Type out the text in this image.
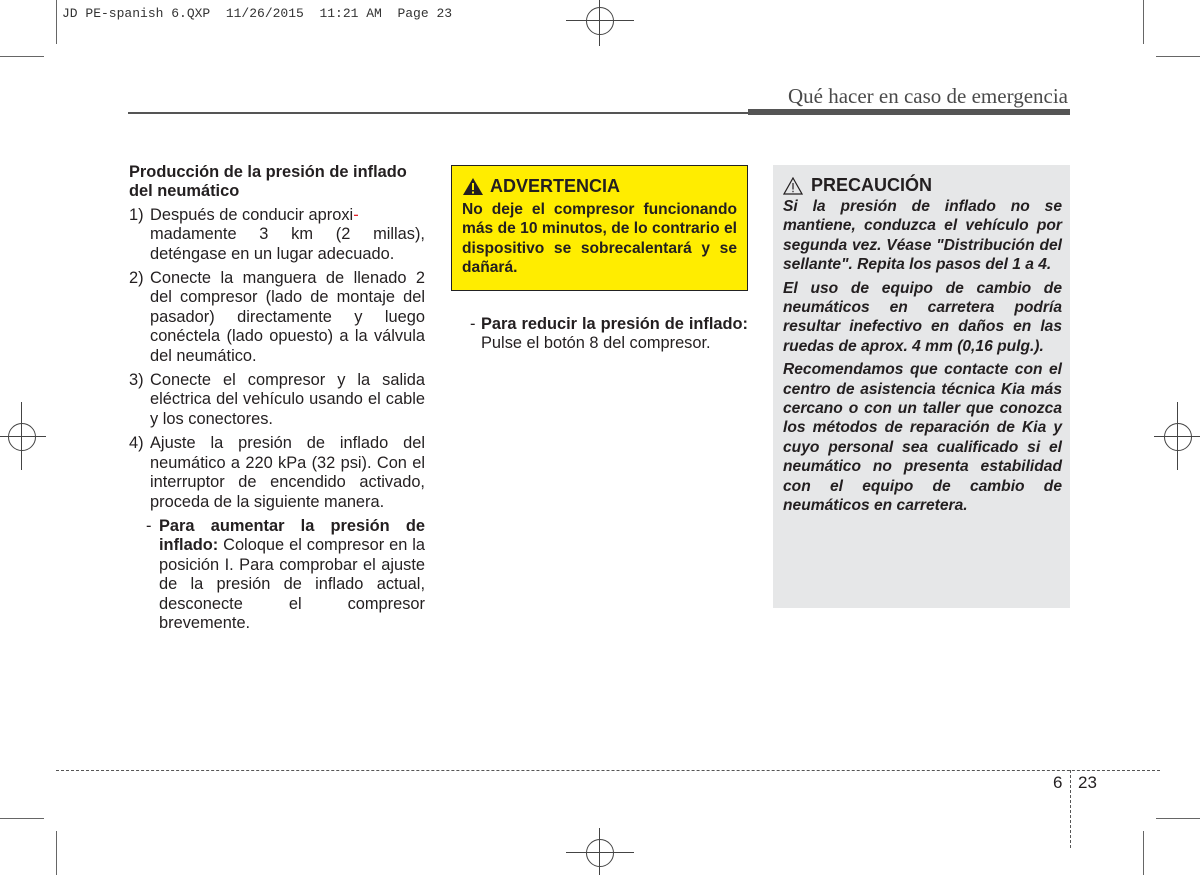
JD PE-spanish 6.QXP  11/26/2015  11:21 AM  Page 23
Qué hacer en caso de emergencia
Producción de la presión de inflado del neumático
1) Después de conducir aproxi-
madamente 3 km (2 millas), deténgase en un lugar adecuado.
2) Conecte la manguera de llenado 2 del compresor (lado de montaje del pasador) directamente y luego conéctela (lado opuesto) a la válvula del neumático.
3) Conecte el compresor y la salida eléctrica del vehículo usando el cable y los conectores.
4) Ajuste la presión de inflado del neumático a 220 kPa (32 psi). Con el interruptor de encendido activado, proceda de la siguiente manera.
- Para aumentar la presión de inflado: Coloque el compresor en la posición I. Para comprobar el ajuste de la presión de inflado actual, desconecte el compresor brevemente.
ADVERTENCIA
No deje el compresor funcionando más de 10 minutos, de lo contrario el dispositivo se sobrecalentará y se dañará.
- Para reducir la presión de inflado: Pulse el botón 8 del compresor.
PRECAUCIÓN

Si la presión de inflado no se mantiene, conduzca el vehículo por segunda vez. Véase "Distribución del sellante". Repita los pasos del 1 a 4.

El uso de equipo de cambio de neumáticos en carretera podría resultar inefectivo en daños en las ruedas de aprox. 4 mm (0,16 pulg.).

Recomendamos que contacte con el centro de asistencia técnica Kia más cercano o con un taller que conozca los métodos de reparación de Kia y cuyo personal sea cualificado si el neumático no presenta estabilidad con el equipo de cambio de neumáticos en carretera.

6 23
